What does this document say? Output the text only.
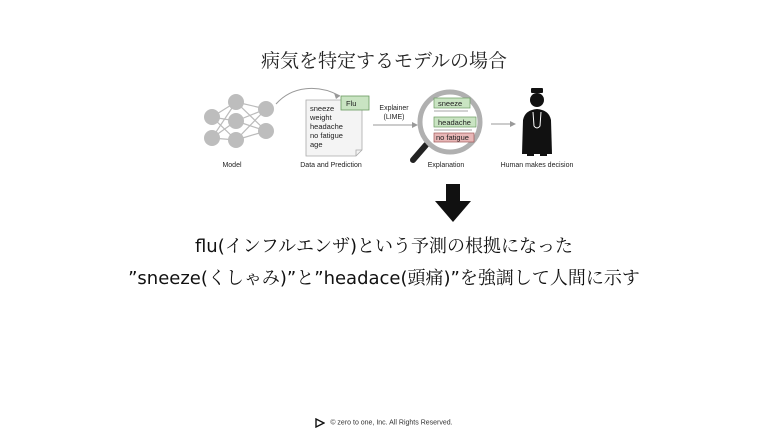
病気を特定するモデルの場合
Model
Flu
sneeze
weight
headache
no fatigue
age
Data and Prediction
Explainer
(LIME)
sneeze
headache
no fatigue
Explanation	Human makes decision
flu(インフルエンザ)という予測の根拠になった
”sneeze(くしゃみ)”と”headace(頭痛)”を強調して人間に示す
© zero to one, Inc. All Rights Reserved.
